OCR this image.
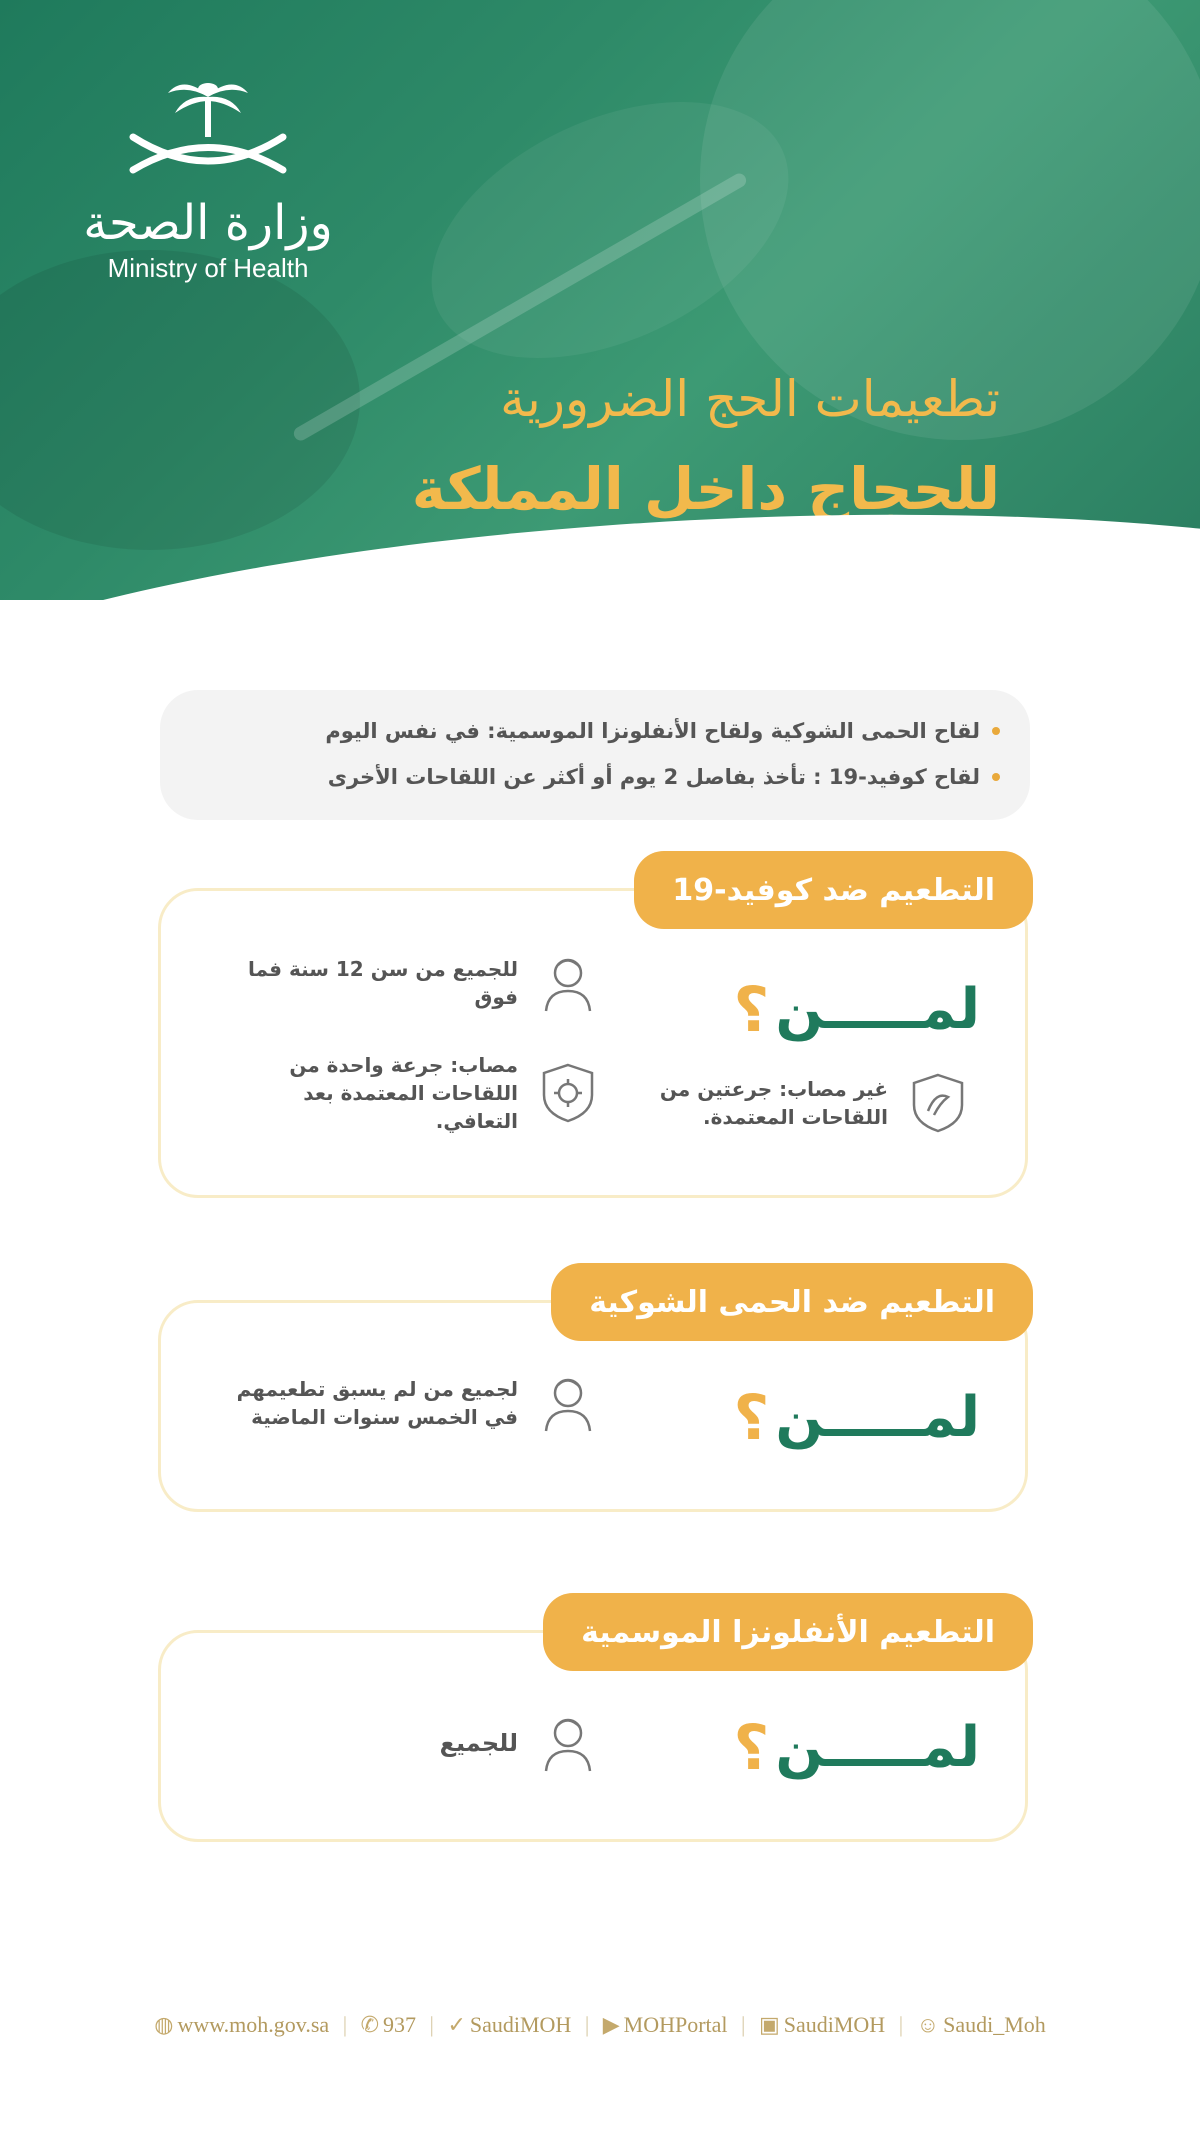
وزارة الصحة
Ministry of Health
تطعيمات الحج الضرورية
للحجاج داخل المملكة
لقاح الحمى الشوكية ولقاح الأنفلونزا الموسمية: في نفس اليوم
لقاح كوفيد-19 : تأخذ بفاصل 2 يوم أو أكثر عن اللقاحات الأخرى
التطعيم ضد كوفيد-19
لمـــــن
؟
للجميع من سن 12 سنة فما فوق
غير مصاب: جرعتين من اللقاحات المعتمدة.
مصاب: جرعة واحدة من اللقاحات المعتمدة بعد التعافي.
التطعيم ضد الحمى الشوكية
لمـــــن
؟
لجميع من لم يسبق تطعيمهم في الخمس سنوات الماضية
التطعيم الأنفلونزا الموسمية
لمـــــن
؟
للجميع
◍ www.moh.gov.sa | ✆ 937 | ✓ SaudiMOH | ▶ MOHPortal | ▣ SaudiMOH | ☺ Saudi_Moh
